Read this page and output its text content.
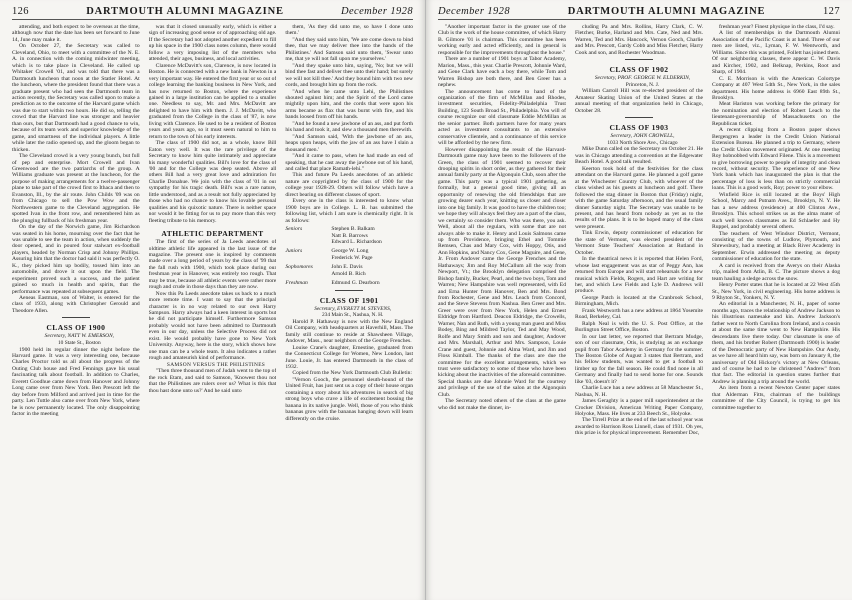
126	DARTMOUTH ALUMNI MAGAZINE	December 1928

attending, and both expect to be overseas at the time, although now that the date has been set forward to June 14, June may make it.

On October 27, the Secretary was called to Cleveland, Ohio, to meet with a committee of the N. E. A. in connection with the coming midwinter meeting, which is to take place in Cleveland. He called up Whitaker Crowell '01, and was told that there was a Dartmouth luncheon that noon at the Statler Hotel. At the luncheon, where the president found that there was a graduate present who had seen the Dartmouth team in action recently, the Secretary was called upon to make a prediction as to the outcome of the Harvard game which was due to start within two hours. He did so, telling the crowd that the Harvard line was stronger and heavier than ours, but that Dartmouth had a good chance to win, because of its team work and superior knowledge of the game, and smartness of the individual players. A little while later the radio opened up, and the gloom began to thicken.

The Cleveland crowd is a very young bunch, but full of pep and enterprise. Mort Crowell and Ivan Greenwood are the two patriarchs of the group. A Williams graduate was present at the luncheon, for the purpose of making arrangements for a twelve-passenger plane to take part of the crowd first to Ithaca and then to Evanston, Ill., by the air route. John Childs '09 was on from Chicago to sell the Pow Wow and the Northwestern game to the Cleveland aggregation. He spotted Ivan in the front row, and remembered him as the plunging fullback of his freshman year.

On the day of the Norwich game, Jim Richardson was seated in his home, mourning over the fact that he was unable to see the team in action, when suddenly the door opened, and in poured four stalwart ex-football players, headed by Norman Crisp and Johnny Phillips. Assuring him that the doctor had said it was perfectly O. K., they picked him up bodily, tossed him into an automobile, and drove it out upon the field. The experiment proved such a success, and the patient gained so much in health and spirits, that the performance was repeated at subsequent games.

Aeneas Eastman, son of Walter, is entered for the class of 1933, along with Christopher Gerould and Theodore Allen.

CLASS OF 1900

Secretary, NATT W. EMERSON,

10 State St., Boston

1900 held its regular dinner the night before the Harvard game. It was a very interesting one, because Charles Proctor told us all about the progress of the Outing Club house and Fred Fennings gave his usual fascinating talk about football. In addition to Charles, Everett Goodhue came down from Hanover and Johnny Long came over from New York. Ben Prescott left the day before from Milford and arrived just in time for the party. Len Tuttle also came over from New York, where he is now permanently located. The only disappointing factor in the meeting

was that it closed unusually early, which is either a sign of increasing good sense or of approaching old age. If the Secretary had not adopted another expedient to fill up his space in the 1900 class notes column, there would follow a very imposing list of the members who attended, their ages, business, and local activities.

Clarence McDavitt's son, Clarence, is now located in Boston. He is connected with a new bank in Newton in a very important way. He entered the first year or so out of college learning the banking business in New York, and has now returned to Boston, where the experience gained in a large institution can be applied to a smaller one. Needless to say, Mr. and Mrs. McDavitt are delighted to have him with them. J. J. McDavitt, who graduated from the College in the class of '87, is now living with Clarence. He used to be a resident of Boston years and years ago, so it must seem natural to him to return to the town of his early interests.

The class of 1900 did not, as a whole, know Bill Eaton very well. It was the rare privilege of the Secretary to know him quite intimately and appreciate his many wonderful qualities. Bill's love for the class of '00 and for the College was deep seated. Above all others Bill had a very great love and admiration for Charlie Donahue. We join with the class of '01 in our sympathy for his tragic death. Bill's was a rare nature, little understood, and as a result not fully appreciated by those who had no chance to know his lovable personal qualities and his quixotic nature. There is neither space nor would it be fitting for us to pay more than this very fleeting tribute to his memory.

ATHLETIC DEPARTMENT

The first of the series of Ja Leeds anecdotes of oldtime athletic life appeared in the last issue of the magazine. The present one is inspired by comments made over a long period of years by the class of '99 that the fall rush with 1900, which took place during our freshman year in Hanover, was entirely too rough. That may be true, because all athletic events were rather more rough and crude in those days than they are now.

Now this Pa Leeds anecdote takes us back to a much more remote time. I want to say that the principal character is in no way related to our own Harry Sampson. Harry always had a keen interest in sports but he did not participate himself. Furthermore Samson probably would not have been admitted to Dartmouth even in our day, unless the Selective Process did not exist. He would probably have gone to New York University. Anyway, here is the story, which shows how one man can be a whole team. It also indicates a rather rough and amateurish kind of performance.

SAMSON VERSUS THE PHILISTINES

"Then three thousand men of Judah went to the top of the rock Etam, and said to Samson, 'Knowest thou not that the Philistines are rulers over us? What is this that thou hast done unto us?' And he said unto

them, 'As they did unto me, so have I done unto them.'

"And they said unto him, 'We are come down to bind thee, that we may deliver thee into the hands of the Philistines.' And Samson said unto them, 'Swear unto me, that ye will not fall upon me yourselves.'

"And they spake unto him, saying, 'No; but we will bind thee fast and deliver thee unto their hand; but surely we will not kill thee.' And they bound him with two new cords, and brought him up from the rock.

"And when he came unto Lehi, the Philistines shouted against him; and the Spirit of the Lord came mightily upon him, and the cords that were upon his arms became as flax that was burnt with fire, and his bands loosed from off his hands.

"And he found a new jawbone of an ass, and put forth his hand and took it, and slew a thousand men therewith.

"And Samson said, 'With the jawbone of an ass, heaps upon heaps, with the jaw of an ass have I slain a thousand men.'

"And it came to pass, when he had made an end of speaking, that he cast away the jawbone out of his hand, and called that place Ramath-lehi."

This and future Pa Leeds anecdotes of an athletic nature are copyrighted by the class of 1900 for the college year 1928-29. Others will follow which have a direct bearing on different classes of sport.

Every one in the class is interested to know what 1900 boys are in College. L. B. has submitted the following list, which I am sure is chemically right. It is as follows:

Seniors	Stephen B. Balkam
Natt B. Barrows
Edward L. Richardson
Juniors	George W. Long
Frederick W. Page
Sophomores	John E. Davis
Arnold B. Rich
Freshman	Edmund G. Dearborn
CLASS OF 1901

Secretary, EVERETT M. STEVENS,

234 Main St., Nashua, N. H.

Harold P. Hathaway is now with the New England Oil Company, with headquarters at Haverhill, Mass. The family still continue to reside at Shawsheen Village, Andover, Mass., near neighbors of the George Frenches.

Louise Crane's daughter, Ernestine, graduated from the Connecticut College for Women, New London, last June. Louie, Jr. has entered Dartmouth in the class of 1932.

Copied from the New York Dartmouth Club Bulletin:

"Vernon Gooch, the personnel sleuth-hound of the United Fruit, has just sent us a copy of their house organ containing a story about his adventures in search of big strong boys who crave a life of excitement bossing the banana in its native jungle. Well, those of you who think bananas grow with the bananas hanging down will learn differently on the cruise.

December 1928	DARTMOUTH ALUMNI MAGAZINE	127

"Another important factor in the greater use of the Club is the work of the house committee, of which Harry B. Gilmore '01 is chairman. This committee has been working early and acted efficiently, and in general is responsible for the improvements throughout the house."

There are a number of 1901 boys at Tabor Academy, Marion, Mass., this year. Charlie Prescott, Johnnie Ward, and Gene Clark have each a boy there, while Tom and Warren Bishop are both there, and Ben Greer has a nephew.

The announcement has come to hand of the organization of the firm of McMillan and Rhodes, investment securities, Fidelity-Philadelphia Trust Building, 123 South Broad St., Philadelphia. You will of course recognize our old classmate Eddie McMillan as the senior partner. Both partners have for many years acted as investment consultants to an extensive conservative clientele, and a continuance of this service will be afforded by the new firm.

However disappointing the result of the Harvard-Dartmouth game may have been to the followers of the Green, the class of 1901 seemed to recover their drooping spirits in short order, as they gathered for their annual family party at the Algonquin Club, soon after the game. This party was a typical 1901 gathering, as formally, but a general good time, giving all an opportunity of renewing the old friendships that are growing dearer each year, knitting us closer and closer into one big family. It was good to have the children too; we hope they will always feel they are a part of the class, we certainly so consider them. Who was there, you ask. Well, about all the regulars, with some that are not always able to make it. Henry and Louis Salmons came up from Providence, bringing Ethel and Tommie Remsen, Chas and Mary Cox, with Hoppy, Otis, and Ann Hopkins, and Nancy Cox, Gene Maguire, and Gene, Jr. From Andover came the George Frenches and the Hathaways; Jim and Roy McCallum all the way from Newport, Vt.; the Brooklyn delegation comprised the Bishop family, Bucker, Pearl, and the two boys, Tom and Warren; New Hampshire was well represented, with Ed and Erna Hunter from Hanover, Ben and Mrs. Bond from Rochester, Gene and Mrs. Leach from Concord, and the Steve Stevens from Nashua. Ben Greer and Mrs. Greer were over from New York, Helen and Ernest Eldridge from Hartford. Deacon Eldridge, the Crowells, Warner, Nan and Ruth, with a young man guest and Miss Bodey, Bing and Mildred Taylor, Ted and May Wood, Rolfe and Mary Smith and son and daughter, Andover and Mrs. Marshall, Arthur and Mrs. Sampson, Louie Crane and guest, Johnnie and Alma Ward, and Jim and Floss Kimball. The thanks of the class are due the committee for the excellent arrangements, which we trust were satisfactory to some of those who have been kicking about the inactivities of the aforesaid committee. Special thanks are due Johnnie Ward for the courtesy and privilege of the use of the salon at the Algonquin Club.

The Secretary noted others of the class at the game who did not make the dinner, in-

cluding Pa and Mrs. Rollins, Harry Clark, C. W. Fletcher, Burke, Harland and Mrs. Cate, Ned and Mrs. Warren, Ted and Mrs. Hancock, Vernon Gooch, Charlie and Mrs. Prescott, Gardy Cobb and Miss Fletcher, Harry Cook and son, and Rochester Woodman.

CLASS OF 1902

Secretary, PROF. GEORGE W. ELDERKIN,

Princeton, N. J.

William Carroll Hill was re-elected president of the Amateur Skating Union of the United States at the annual meeting of that organization held in Chicago, October 28.

CLASS OF 1903

Secretary, JOHN CROWELL,

1033 North Shore Ave., Chicago

Mike Dunn called on the Secretary on October 21. He was in Chicago attending a convention at the Edgewater Beach Hotel. A good talk resulted.

Keerton took hold of the festivities for the class attendant on the Harvard game. He planned a golf game at the Winchester Country Club, with whoever of the class wished as his guests at luncheon and golf. There followed the stag dinner in Boston that (Friday) night, with the game Saturday afternoon, and the usual family dinner Saturday night. The Secretary was unable to be present, and has heard from nobody as yet as to the results of the plans. It is to be hoped many of the class were present.

Tink Erwin, deputy commissioner of education for the state of Vermont, was elected president of the Vermont State Teachers' Association at Rutland in October.

In the theatrical news it is reported that Helen Ford, whose last engagement was as star of Peggy Ann, has returned from Europe and will start rehearsals for a new musical which Fields, Rogers, and Hart are writing for her, and which Lew Fields and Lyle D. Andrews will produce.

George Patch is located at the Cranbrook School, Birmingham, Mich.

Frank Westworth has a new address at 1864 Yosemite Road, Berkeley, Cal.

Ralph Neal is with the U. S. Post Office, at the Burlington Street Office, Boston.

In our last letter, we reported that Bertram Mudge, son of our classmate, Otis, is studying as an exchange pupil from Tabor Academy in Germany for the summer. The Boston Globe of August 3 states that Bertram, and his fellow students, was wanted to get a football to limber up for the fall season. He could find none in all Germany and finally had to send home for one. Sounds like '03, doesn't it?

Charlie Luce has a new address at 58 Manchester St., Nashua, N. H.

James Geraghty is a paper mill superintendent at the Crocker Division, American Writing Paper Company, Holyoke, Mass. He lives at 233 Beech St., Holyoke.

The Tirrell Prize at the end of the last school year was awarded to Harrison Ross Linnell, class of 1931. Oh yes, this prize is for physical improvement. Remember Doc,

freshman year? Finest physique in the class, I'd say.

A list of memberships in the Dartmouth Alumni Association of the Pacific Coast is at hand. Three of our men are listed, viz., Lyman, F. W. Wentworth, and Williams. Since this was printed, Follett has joined them. Of our neighboring classes, there appear C. W. Davis and Kircher, 1902, and Belknap, Perkins, Root and Sharp, of 1904.

C. E. Morrison is with the American Colortype Company at 407 West 54th St., New York, in the sales department. His home address is 6960 East 89th St., Brooklyn.

Meat Hariston was working before the primary for the nomination and election of Robert Leach to the lieutenant-governorship of Massachusetts on the Republican ticket.

A recent clipping from a Boston paper shows Bergengren a leader in the Credit Union National Extension Bureau. He planned a trip to Germany, where the Credit Union movement originated. At one meeting Roy hobnobbed with Edward Filene. This is a movement to give borrowing power to people of integrity and clean record, without security. The experience of one New York bank which has inaugurated the plan is that the percentage of loss is less than on strictly commercial loans. This is a good work, Roy; power to your elbow.

Winfield Rice is still located at the Boys' High School, Marcy and Putnam Aves., Brooklyn, N. Y. He has a new address (residence) at 400 Clinton Ave., Brooklyn. This school strikes us as the alma mater of such well known classmates as Ed Schlaefer and Hy Ruppel, and probably several others.

The teachers of West Windsor District, Vermont, consisting of the towns of Ludlow, Plymouth, and Shrewsbury, had a meeting at Black River Academy in September. Erwin addressed the meeting as deputy commissioner of education for the state.

A card is received from the Averys on their Alaska trip, mailed from Atlin, B. C. The picture shows a dog team hauling a sledge across the snow.

Henry Porter states that he is located at 22 West 45th St., New York, in civil engineering. His home address is 9 Rhyton St., Yonkers, N. Y.

An editorial in a Manchester, N. H., paper of some months ago, traces the relationship of Andrew Jackson to his illustrious namesake and kin. Andrew Jackson's father went to North Carolina from Ireland, and a cousin at about the same time went to New Hampshire. His descendants live there today. Our classmate is one of them, and his brother Robert (Dartmouth 1900) is leader of the Democratic party of New Hampshire. Our Andy, as we have all heard him say, was born on January 8, the anniversary of Old Hickory's victory at New Orleans, and of course he had to be christened "Andrew" from that fact. The editorial in question states further that Andrew is planning a trip around the world.

An item from a recent Newton Center paper states that Alderman Fitts, chairman of the buildings committee of the City Council, is trying to get his committee together to
